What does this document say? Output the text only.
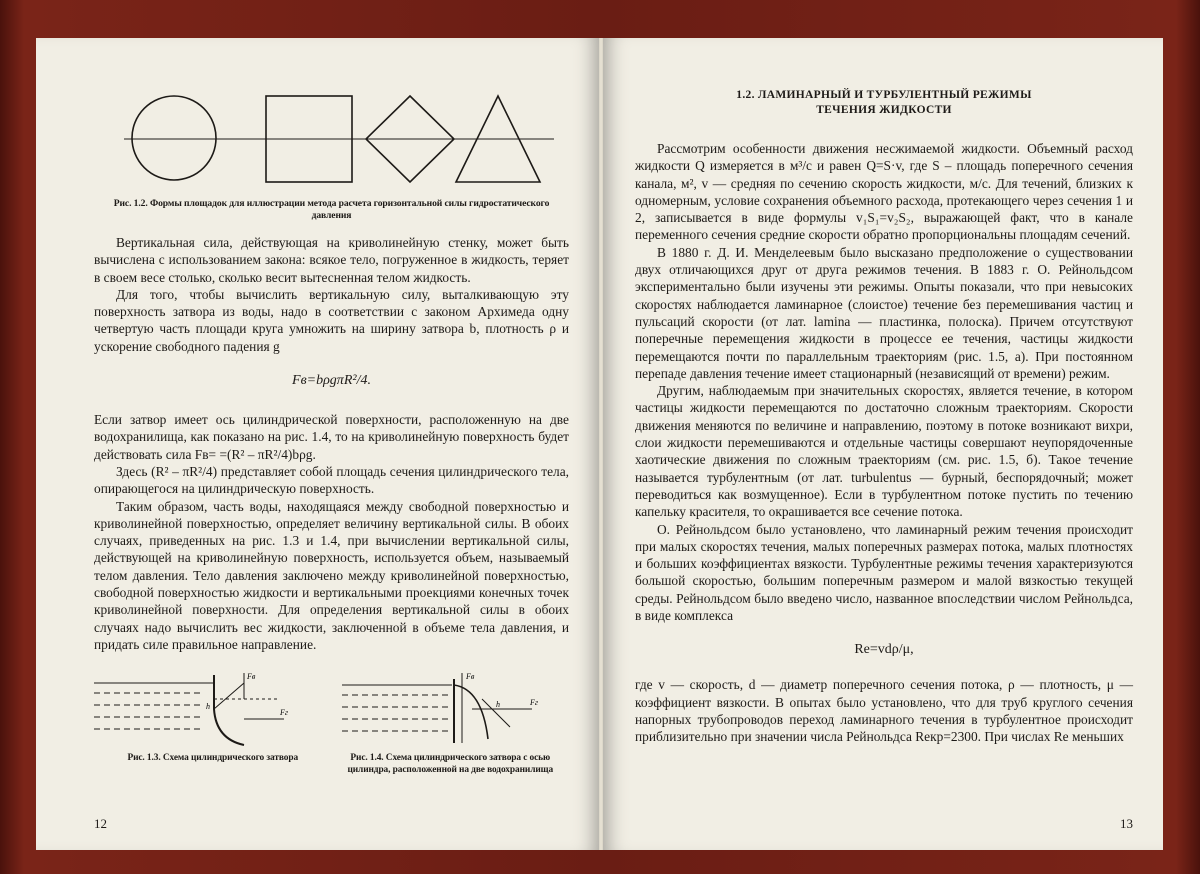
Рис. 1.2. Формы площадок для иллюстрации метода расчета горизонтальной силы гидростатического давления

Вертикальная сила, действующая на криволинейную стенку, может быть вычислена с использованием закона: всякое тело, погруженное в жидкость, теряет в своем весе столько, сколько весит вытесненная телом жидкость.

Для того, чтобы вычислить вертикальную силу, выталкивающую эту поверхность затвора из воды, надо в соответствии с законом Архимеда одну четвертую часть площади круга умножить на ширину затвора b, плотность ρ и ускорение свободного падения g

Fв=bρgπR²/4.

Если затвор имеет ось цилиндрической поверхности, расположенную на две водохранилища, как показано на рис. 1.4, то на криволинейную поверхность будет действовать сила Fв= =(R² – πR²/4)bρg.

Здесь (R² – πR²/4) представляет собой площадь сечения цилиндрического тела, опирающегося на цилиндрическую поверхность.

Таким образом, часть воды, находящаяся между свободной поверхностью и криволинейной поверхностью, определяет величину вертикальной силы. В обоих случаях, приведенных на рис. 1.3 и 1.4, при вычислении вертикальной силы, действующей на криволинейную поверхность, используется объем, называемый телом давления. Тело давления заключено между криволинейной поверхностью, свободной поверхностью жидкости и вертикальными проекциями конечных точек криволинейной поверхности. Для определения вертикальной силы в обоих случаях надо вычислить вес жидкости, заключенной в объеме тела давления, и придать силе правильное направление.

Fв
h
Fг
Рис. 1.3. Схема цилиндрического затвора
Fв
h	Fг
Рис. 1.4. Схема цилиндрического затвора с осью цилиндра, расположенной на две водохранилища
12
1.2. ЛАМИНАРНЫЙ И ТУРБУЛЕНТНЫЙ РЕЖИМЫ
ТЕЧЕНИЯ ЖИДКОСТИ

Рассмотрим особенности движения несжимаемой жидкости. Объемный расход жидкости Q измеряется в м³/с и равен Q=S·v, где S – площадь поперечного сечения канала, м², v — средняя по сечению скорость жидкости, м/с. Для течений, близких к одномерным, условие сохранения объемного расхода, протекающего через сечения 1 и 2, записывается в виде формулы v₁S₁=v₂S₂, выражающей факт, что в канале переменного сечения средние скорости обратно пропорциональны площадям сечений.

В 1880 г. Д. И. Менделеевым было высказано предположение о существовании двух отличающихся друг от друга режимов течения. В 1883 г. О. Рейнольдсом экспериментально были изучены эти режимы. Опыты показали, что при невысоких скоростях наблюдается ламинарное (слоистое) течение без перемешивания частиц и пульсаций скорости (от лат. lamina — пластинка, полоска). Причем отсутствуют поперечные перемещения жидкости в процессе ее течения, частицы жидкости перемещаются почти по параллельным траекториям (рис. 1.5, а). При постоянном перепаде давления течение имеет стационарный (независящий от времени) режим.

Другим, наблюдаемым при значительных скоростях, является течение, в котором частицы жидкости перемещаются по достаточно сложным траекториям. Скорости движения меняются по величине и направлению, поэтому в потоке возникают вихри, слои жидкости перемешиваются и отдельные частицы совершают неупорядоченные хаотические движения по сложным траекториям (см. рис. 1.5, б). Такое течение называется турбулентным (от лат. turbulentus — бурный, беспорядочный; может переводиться как возмущенное). Если в турбулентном потоке пустить по течению капельку красителя, то окрашивается все сечение потока.

О. Рейнольдсом было установлено, что ламинарный режим течения происходит при малых скоростях течения, малых поперечных размерах потока, малых плотностях и больших коэффициентах вязкости. Турбулентные режимы течения характеризуются большой скоростью, большим поперечным размером и малой вязкостью текущей среды. Рейнольдсом было введено число, названное впоследствии числом Рейнольдса, в виде комплекса

Re=vdρ/μ,

где v — скорость, d — диаметр поперечного сечения потока, ρ — плотность, μ — коэффициент вязкости. В опытах было установлено, что для труб круглого сечения напорных трубопроводов переход ламинарного течения в турбулентное происходит приблизительно при значении числа Рейнольдса Reкр=2300. При числах Re меньших

13
